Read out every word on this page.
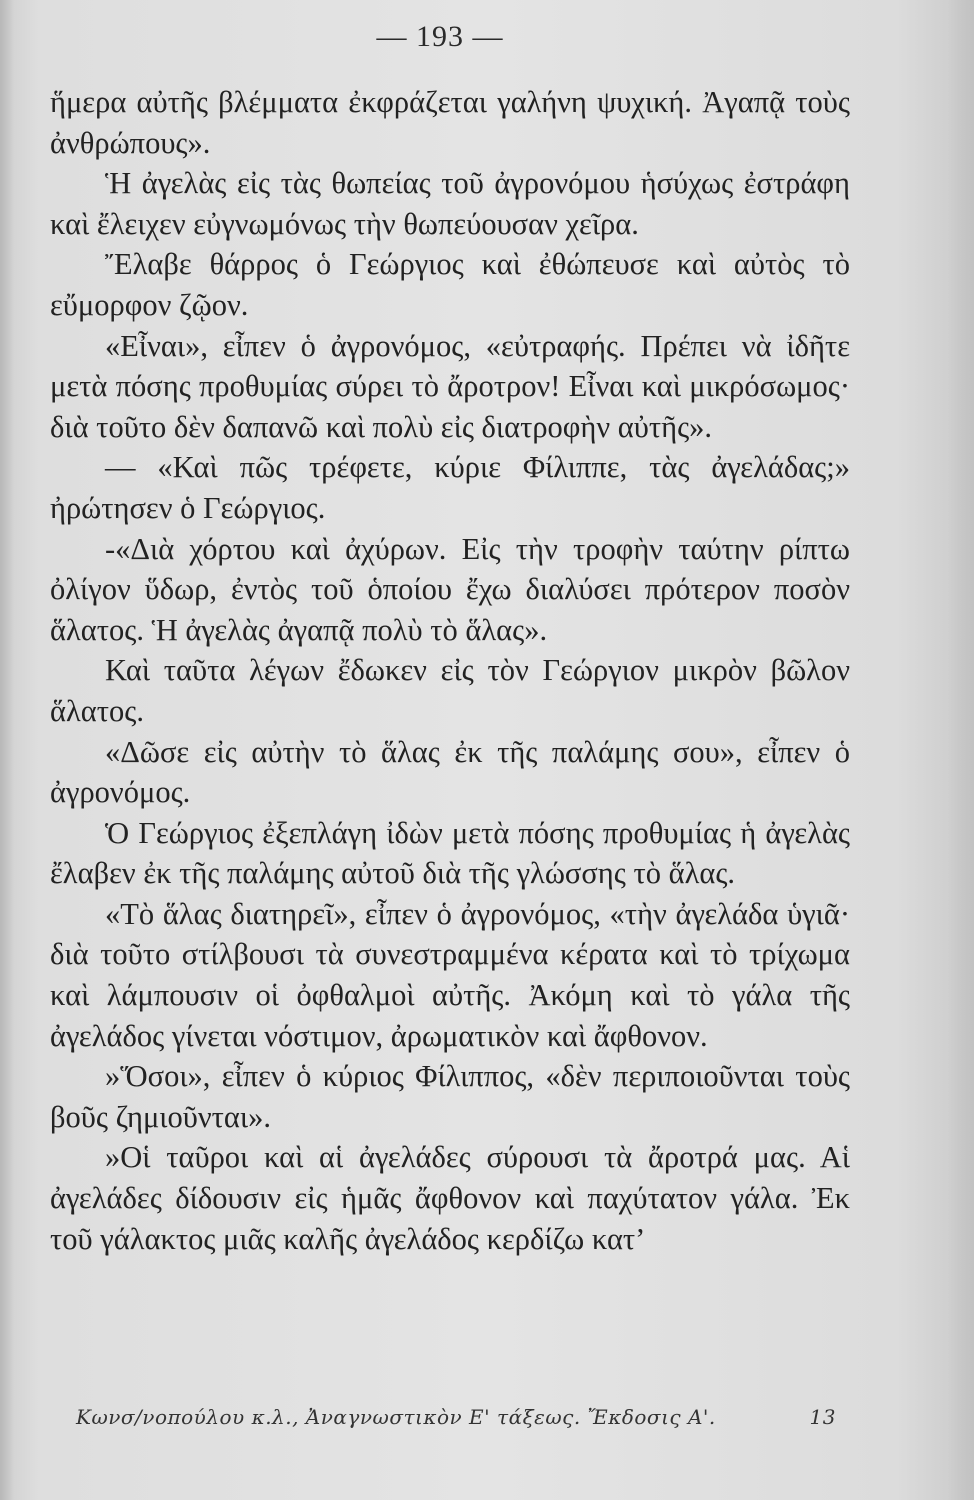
— 193 —

ἥμερα αὐτῆς βλέμματα ἐκφράζεται γαλήνη ψυχική. Ἀγαπᾷ τοὺς ἀνθρώπους».

Ἡ ἀγελὰς εἰς τὰς θωπείας τοῦ ἀγρονόμου ἡσύχως ἐστράφη καὶ ἔλειχεν εὐγνωμόνως τὴν θωπεύουσαν χεῖρα.

Ἔλαβε θάρρος ὁ Γεώργιος καὶ ἐθώπευσε καὶ αὐτὸς τὸ εὔμορφον ζῷον.

«Εἶναι», εἶπεν ὁ ἀγρονόμος, «εὐτραφής. Πρέπει νὰ ἰδῆτε μετὰ πόσης προθυμίας σύρει τὸ ἄροτρον! Εἶναι καὶ μικρόσωμος· διὰ τοῦτο δὲν δαπανῶ καὶ πολὺ εἰς διατροφὴν αὐτῆς».

— «Καὶ πῶς τρέφετε, κύριε Φίλιππε, τὰς ἀγελάδας;» ἠρώτησεν ὁ Γεώργιος.

-«Διὰ χόρτου καὶ ἀχύρων. Εἰς τὴν τροφὴν ταύτην ρίπτω ὀλίγον ὕδωρ, ἐντὸς τοῦ ὁποίου ἔχω διαλύσει πρότερον ποσὸν ἅλατος. Ἡ ἀγελὰς ἀγαπᾷ πολὺ τὸ ἅλας».

Καὶ ταῦτα λέγων ἔδωκεν εἰς τὸν Γεώργιον μικρὸν βῶλον ἅλατος.

«Δῶσε εἰς αὐτὴν τὸ ἅλας ἐκ τῆς παλάμης σου», εἶπεν ὁ ἀγρονόμος.

Ὁ Γεώργιος ἐξεπλάγη ἰδὼν μετὰ πόσης προθυμίας ἡ ἀγελὰς ἔλαβεν ἐκ τῆς παλάμης αὐτοῦ διὰ τῆς γλώσσης τὸ ἅλας.

«Τὸ ἅλας διατηρεῖ», εἶπεν ὁ ἀγρονόμος, «τὴν ἀγελάδα ὑγιᾶ· διὰ τοῦτο στίλβουσι τὰ συνεστραμμένα κέρατα καὶ τὸ τρίχωμα καὶ λάμπουσιν οἱ ὀφθαλμοὶ αὐτῆς. Ἀκόμη καὶ τὸ γάλα τῆς ἀγελάδος γίνεται νόστιμον, ἀρωματικὸν καὶ ἄφθονον.

»Ὅσοι», εἶπεν ὁ κύριος Φίλιππος, «δὲν περιποιοῦνται τοὺς βοῦς ζημιοῦνται».

»Οἱ ταῦροι καὶ αἱ ἀγελάδες σύρουσι τὰ ἄροτρά μας. Αἱ ἀγελάδες δίδουσιν εἰς ἡμᾶς ἄφθονον καὶ παχύτατον γάλα. Ἐκ τοῦ γάλακτος μιᾶς καλῆς ἀγελάδος κερδίζω κατ’

Κωνσ/νοπούλου κ.λ., Ἀναγνωστικὸν Ε' τάξεως. Ἔκδοσις Α'.	13
